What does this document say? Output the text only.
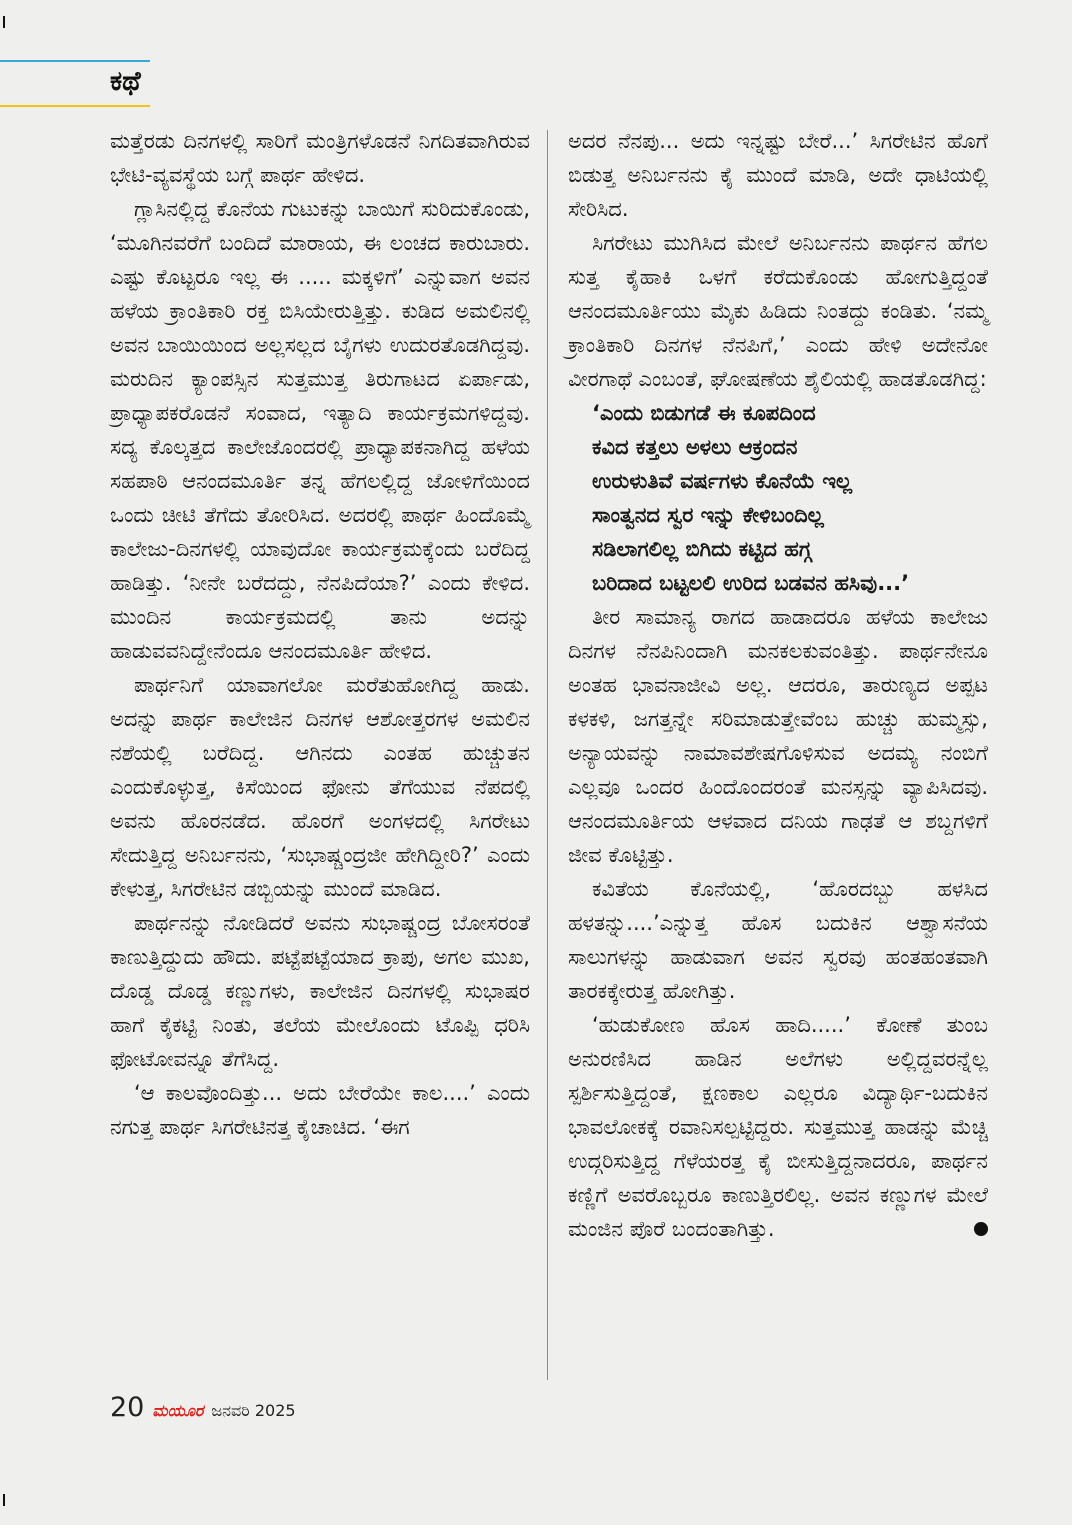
ಕಥೆ

ಮತ್ತೆರಡು ದಿನಗಳಲ್ಲಿ ಸಾರಿಗೆ ಮಂತ್ರಿಗಳೊಡನೆ ನಿಗದಿತವಾಗಿರುವ ಭೇಟಿ-ವ್ಯವಸ್ಥೆಯ ಬಗ್ಗೆ ಪಾರ್ಥ ಹೇಳಿದ.

ಗ್ಲಾಸಿನಲ್ಲಿದ್ದ ಕೊನೆಯ ಗುಟುಕನ್ನು ಬಾಯಿಗೆ ಸುರಿದುಕೊಂಡು, ‘ಮೂಗಿನವರೆಗೆ ಬಂದಿದೆ ಮಾರಾಯ, ಈ ಲಂಚದ ಕಾರುಬಾರು. ಎಷ್ಟು ಕೊಟ್ಟರೂ ಇಲ್ಲ ಈ ..... ಮಕ್ಕಳಿಗೆ’ ಎನ್ನುವಾಗ ಅವನ ಹಳೆಯ ಕ್ರಾಂತಿಕಾರಿ ರಕ್ತ ಬಿಸಿಯೇರುತ್ತಿತ್ತು. ಕುಡಿದ ಅಮಲಿನಲ್ಲಿ ಅವನ ಬಾಯಿಯಿಂದ ಅಲ್ಲಸಲ್ಲದ ಬೈಗಳು ಉದುರತೊಡಗಿದ್ದವು. ಮರುದಿನ ಕ್ಯಾಂಪಸ್ಸಿನ ಸುತ್ತಮುತ್ತ ತಿರುಗಾಟದ ಏರ್ಪಾಡು, ಪ್ರಾಧ್ಯಾಪಕರೊಡನೆ ಸಂವಾದ, ಇತ್ಯಾದಿ ಕಾರ್ಯಕ್ರಮಗಳಿದ್ದವು. ಸದ್ಯ ಕೊಲ್ಕತ್ತದ ಕಾಲೇಜೊಂದರಲ್ಲಿ ಪ್ರಾಧ್ಯಾಪಕನಾಗಿದ್ದ ಹಳೆಯ ಸಹಪಾಠಿ ಆನಂದಮೂರ್ತಿ ತನ್ನ ಹೆಗಲಲ್ಲಿದ್ದ ಜೋಳಿಗೆಯಿಂದ ಒಂದು ಚೀಟಿ ತೆಗೆದು ತೋರಿಸಿದ. ಅದರಲ್ಲಿ ಪಾರ್ಥ ಹಿಂದೊಮ್ಮೆ ಕಾಲೇಜು-ದಿನಗಳಲ್ಲಿ ಯಾವುದೋ ಕಾರ್ಯಕ್ರಮಕ್ಕೆಂದು ಬರೆದಿದ್ದ ಹಾಡಿತ್ತು. ‘ನೀನೇ ಬರೆದದ್ದು, ನೆನಪಿದೆಯಾ?’ ಎಂದು ಕೇಳಿದ. ಮುಂದಿನ ಕಾರ್ಯಕ್ರಮದಲ್ಲಿ ತಾನು ಅದನ್ನು ಹಾಡುವವನಿದ್ದೇನೆಂದೂ ಆನಂದಮೂರ್ತಿ ಹೇಳಿದ.

ಪಾರ್ಥನಿಗೆ ಯಾವಾಗಲೋ ಮರೆತುಹೋಗಿದ್ದ ಹಾಡು. ಅದನ್ನು ಪಾರ್ಥ ಕಾಲೇಜಿನ ದಿನಗಳ ಆಶೋತ್ತರಗಳ ಅಮಲಿನ ನಶೆಯಲ್ಲಿ ಬರೆದಿದ್ದ. ಆಗಿನದು ಎಂತಹ ಹುಚ್ಚುತನ ಎಂದುಕೊಳ್ಳುತ್ತ, ಕಿಸೆಯಿಂದ ಫೋನು ತೆಗೆಯುವ ನೆಪದಲ್ಲಿ ಅವನು ಹೊರನಡೆದ. ಹೊರಗೆ ಅಂಗಳದಲ್ಲಿ ಸಿಗರೇಟು ಸೇದುತ್ತಿದ್ದ ಅನಿರ್ಬನನು, ‘ಸುಭಾಷ್ಚಂದ್ರಜೀ ಹೇಗಿದ್ದೀರಿ?’ ಎಂದು ಕೇಳುತ್ತ, ಸಿಗರೇಟಿನ ಡಬ್ಬಿಯನ್ನು ಮುಂದೆ ಮಾಡಿದ.

ಪಾರ್ಥನನ್ನು ನೋಡಿದರೆ ಅವನು ಸುಭಾಷ್ಚಂದ್ರ ಬೋಸರಂತೆ ಕಾಣುತ್ತಿದ್ದುದು ಹೌದು. ಪಟ್ಟೆಪಟ್ಟೆಯಾದ ಕ್ರಾಪು, ಅಗಲ ಮುಖ, ದೊಡ್ಡ ದೊಡ್ಡ ಕಣ್ಣುಗಳು, ಕಾಲೇಜಿನ ದಿನಗಳಲ್ಲಿ ಸುಭಾಷರ ಹಾಗೆ ಕೈಕಟ್ಟಿ ನಿಂತು, ತಲೆಯ ಮೇಲೊಂದು ಟೊಪ್ಪಿ ಧರಿಸಿ ಫೋಟೋವನ್ನೂ ತೆಗೆಸಿದ್ದ.

‘ಆ ಕಾಲವೊಂದಿತ್ತು... ಅದು ಬೇರೆಯೇ ಕಾಲ....’ ಎಂದು ನಗುತ್ತ ಪಾರ್ಥ ಸಿಗರೇಟಿನತ್ತ ಕೈಚಾಚಿದ. ‘ಈಗ

ಅದರ ನೆನಪು... ಅದು ಇನ್ನಷ್ಟು ಬೇರೆ...’ ಸಿಗರೇಟಿನ ಹೊಗೆ ಬಿಡುತ್ತ ಅನಿರ್ಬನನು ಕೈ ಮುಂದೆ ಮಾಡಿ, ಅದೇ ಧಾಟಿಯಲ್ಲಿ ಸೇರಿಸಿದ.

ಸಿಗರೇಟು ಮುಗಿಸಿದ ಮೇಲೆ ಅನಿರ್ಬನನು ಪಾರ್ಥನ ಹೆಗಲ ಸುತ್ತ ಕೈಹಾಕಿ ಒಳಗೆ ಕರೆದುಕೊಂಡು ಹೋಗುತ್ತಿದ್ದಂತೆ ಆನಂದಮೂರ್ತಿಯು ಮೈಕು ಹಿಡಿದು ನಿಂತದ್ದು ಕಂಡಿತು. ‘ನಮ್ಮ ಕ್ರಾಂತಿಕಾರಿ ದಿನಗಳ ನೆನಪಿಗೆ,’ ಎಂದು ಹೇಳಿ ಅದೇನೋ ವೀರಗಾಥೆ ಎಂಬಂತೆ, ಘೋಷಣೆಯ ಶೈಲಿಯಲ್ಲಿ ಹಾಡತೊಡಗಿದ್ದ:

‘ಎಂದು ಬಿಡುಗಡೆ ಈ ಕೂಪದಿಂದ
ಕವಿದ ಕತ್ತಲು ಅಳಲು ಆಕ್ರಂದನ
ಉರುಳುತಿವೆ ವರ್ಷಗಳು ಕೊನೆಯೆ ಇಲ್ಲ
ಸಾಂತ್ವನದ ಸ್ವರ ಇನ್ನು ಕೇಳಿಬಂದಿಲ್ಲ
ಸಡಿಲಾಗಲಿಲ್ಲ ಬಿಗಿದು ಕಟ್ಟಿದ ಹಗ್ಗ
ಬರಿದಾದ ಬಟ್ಟಲಲಿ ಉರಿದ ಬಡವನ ಹಸಿವು...’

ತೀರ ಸಾಮಾನ್ಯ ರಾಗದ ಹಾಡಾದರೂ ಹಳೆಯ ಕಾಲೇಜು ದಿನಗಳ ನೆನಪಿನಿಂದಾಗಿ ಮನಕಲಕುವಂತಿತ್ತು. ಪಾರ್ಥನೇನೂ ಅಂತಹ ಭಾವನಾಜೀವಿ ಅಲ್ಲ. ಆದರೂ, ತಾರುಣ್ಯದ ಅಪ್ಪಟ ಕಳಕಳಿ, ಜಗತ್ತನ್ನೇ ಸರಿಮಾಡುತ್ತೇವೆಂಬ ಹುಚ್ಚು ಹುಮ್ಮಸ್ಸು, ಅನ್ಯಾಯವನ್ನು ನಾಮಾವಶೇಷಗೊಳಿಸುವ ಅದಮ್ಯ ನಂಬಿಗೆ ಎಲ್ಲವೂ ಒಂದರ ಹಿಂದೊಂದರಂತೆ ಮನಸ್ಸನ್ನು ವ್ಯಾಪಿಸಿದವು. ಆನಂದಮೂರ್ತಿಯ ಆಳವಾದ ದನಿಯ ಗಾಢತೆ ಆ ಶಬ್ದಗಳಿಗೆ ಜೀವ ಕೊಟ್ಟಿತ್ತು.

ಕವಿತೆಯ ಕೊನೆಯಲ್ಲಿ, ‘ಹೊರದಬ್ಬು ಹಳಸಿದ ಹಳತನ್ನು....’ಎನ್ನುತ್ತ ಹೊಸ ಬದುಕಿನ ಆಶ್ವಾಸನೆಯ ಸಾಲುಗಳನ್ನು ಹಾಡುವಾಗ ಅವನ ಸ್ವರವು ಹಂತಹಂತವಾಗಿ ತಾರಕಕ್ಕೇರುತ್ತ ಹೋಗಿತ್ತು.

‘ಹುಡುಕೋಣ ಹೊಸ ಹಾದಿ.....’ ಕೋಣೆ ತುಂಬ ಅನುರಣಿಸಿದ ಹಾಡಿನ ಅಲೆಗಳು ಅಲ್ಲಿದ್ದವರನ್ನೆಲ್ಲ ಸ್ಪರ್ಶಿಸುತ್ತಿದ್ದಂತೆ, ಕ್ಷಣಕಾಲ ಎಲ್ಲರೂ ವಿದ್ಯಾರ್ಥಿ-ಬದುಕಿನ ಭಾವಲೋಕಕ್ಕೆ ರವಾನಿಸಲ್ಪಟ್ಟಿದ್ದರು. ಸುತ್ತಮುತ್ತ ಹಾಡನ್ನು ಮೆಚ್ಚಿ ಉದ್ಗರಿಸುತ್ತಿದ್ದ ಗೆಳೆಯರತ್ತ ಕೈ ಬೀಸುತ್ತಿದ್ದನಾದರೂ, ಪಾರ್ಥನ ಕಣ್ಣಿಗೆ ಅವರೊಬ್ಬರೂ ಕಾಣುತ್ತಿರಲಿಲ್ಲ. ಅವನ ಕಣ್ಣುಗಳ ಮೇಲೆ ಮಂಜಿನ ಪೊರೆ ಬಂದಂತಾಗಿತ್ತು.

20 ಮಯೂರ ಜನವರಿ 2025
